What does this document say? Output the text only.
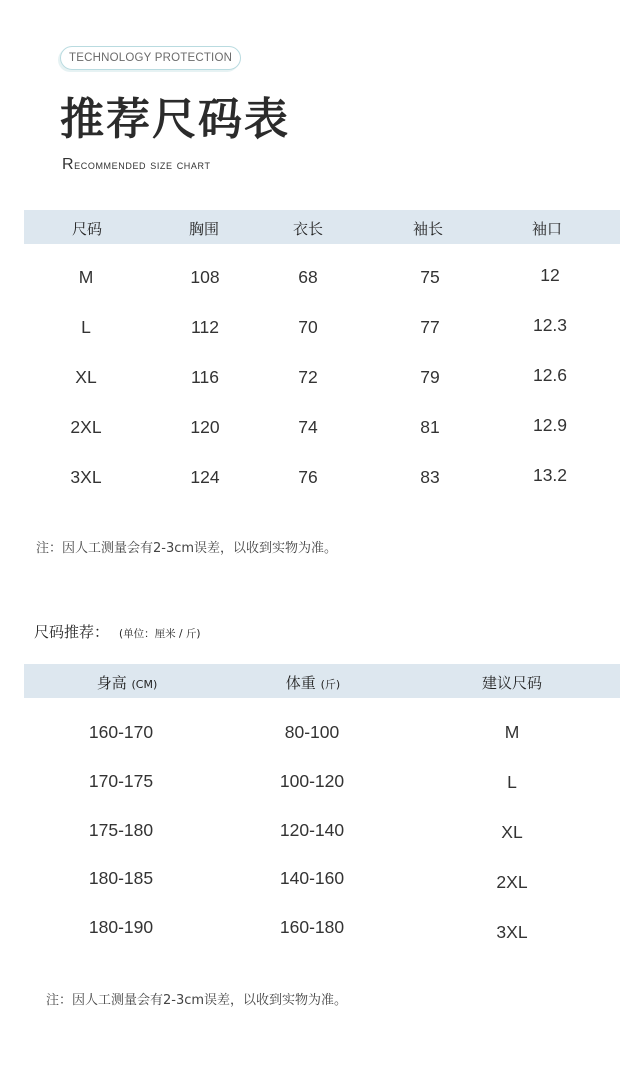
TECHNOLOGY PROTECTION
推荐尺码表
Recommended size chart
尺码	胸围	衣长	袖长	袖口
M	108	68	75	12
L	112	70	77	12.3
XL	116	72	79	12.6
2XL	120	74	81	12.9
3XL	124	76	83	13.2
注：因人工测量会有2-3cm误差，以收到实物为准。
尺码推荐： (单位：厘米 / 斤)
身高 (CM)	体重 (斤)	建议尺码
160-170	80-100	M
170-175	100-120	L
175-180	120-140	XL
180-185	140-160	2XL
180-190	160-180	3XL
注：因人工测量会有2-3cm误差，以收到实物为准。
